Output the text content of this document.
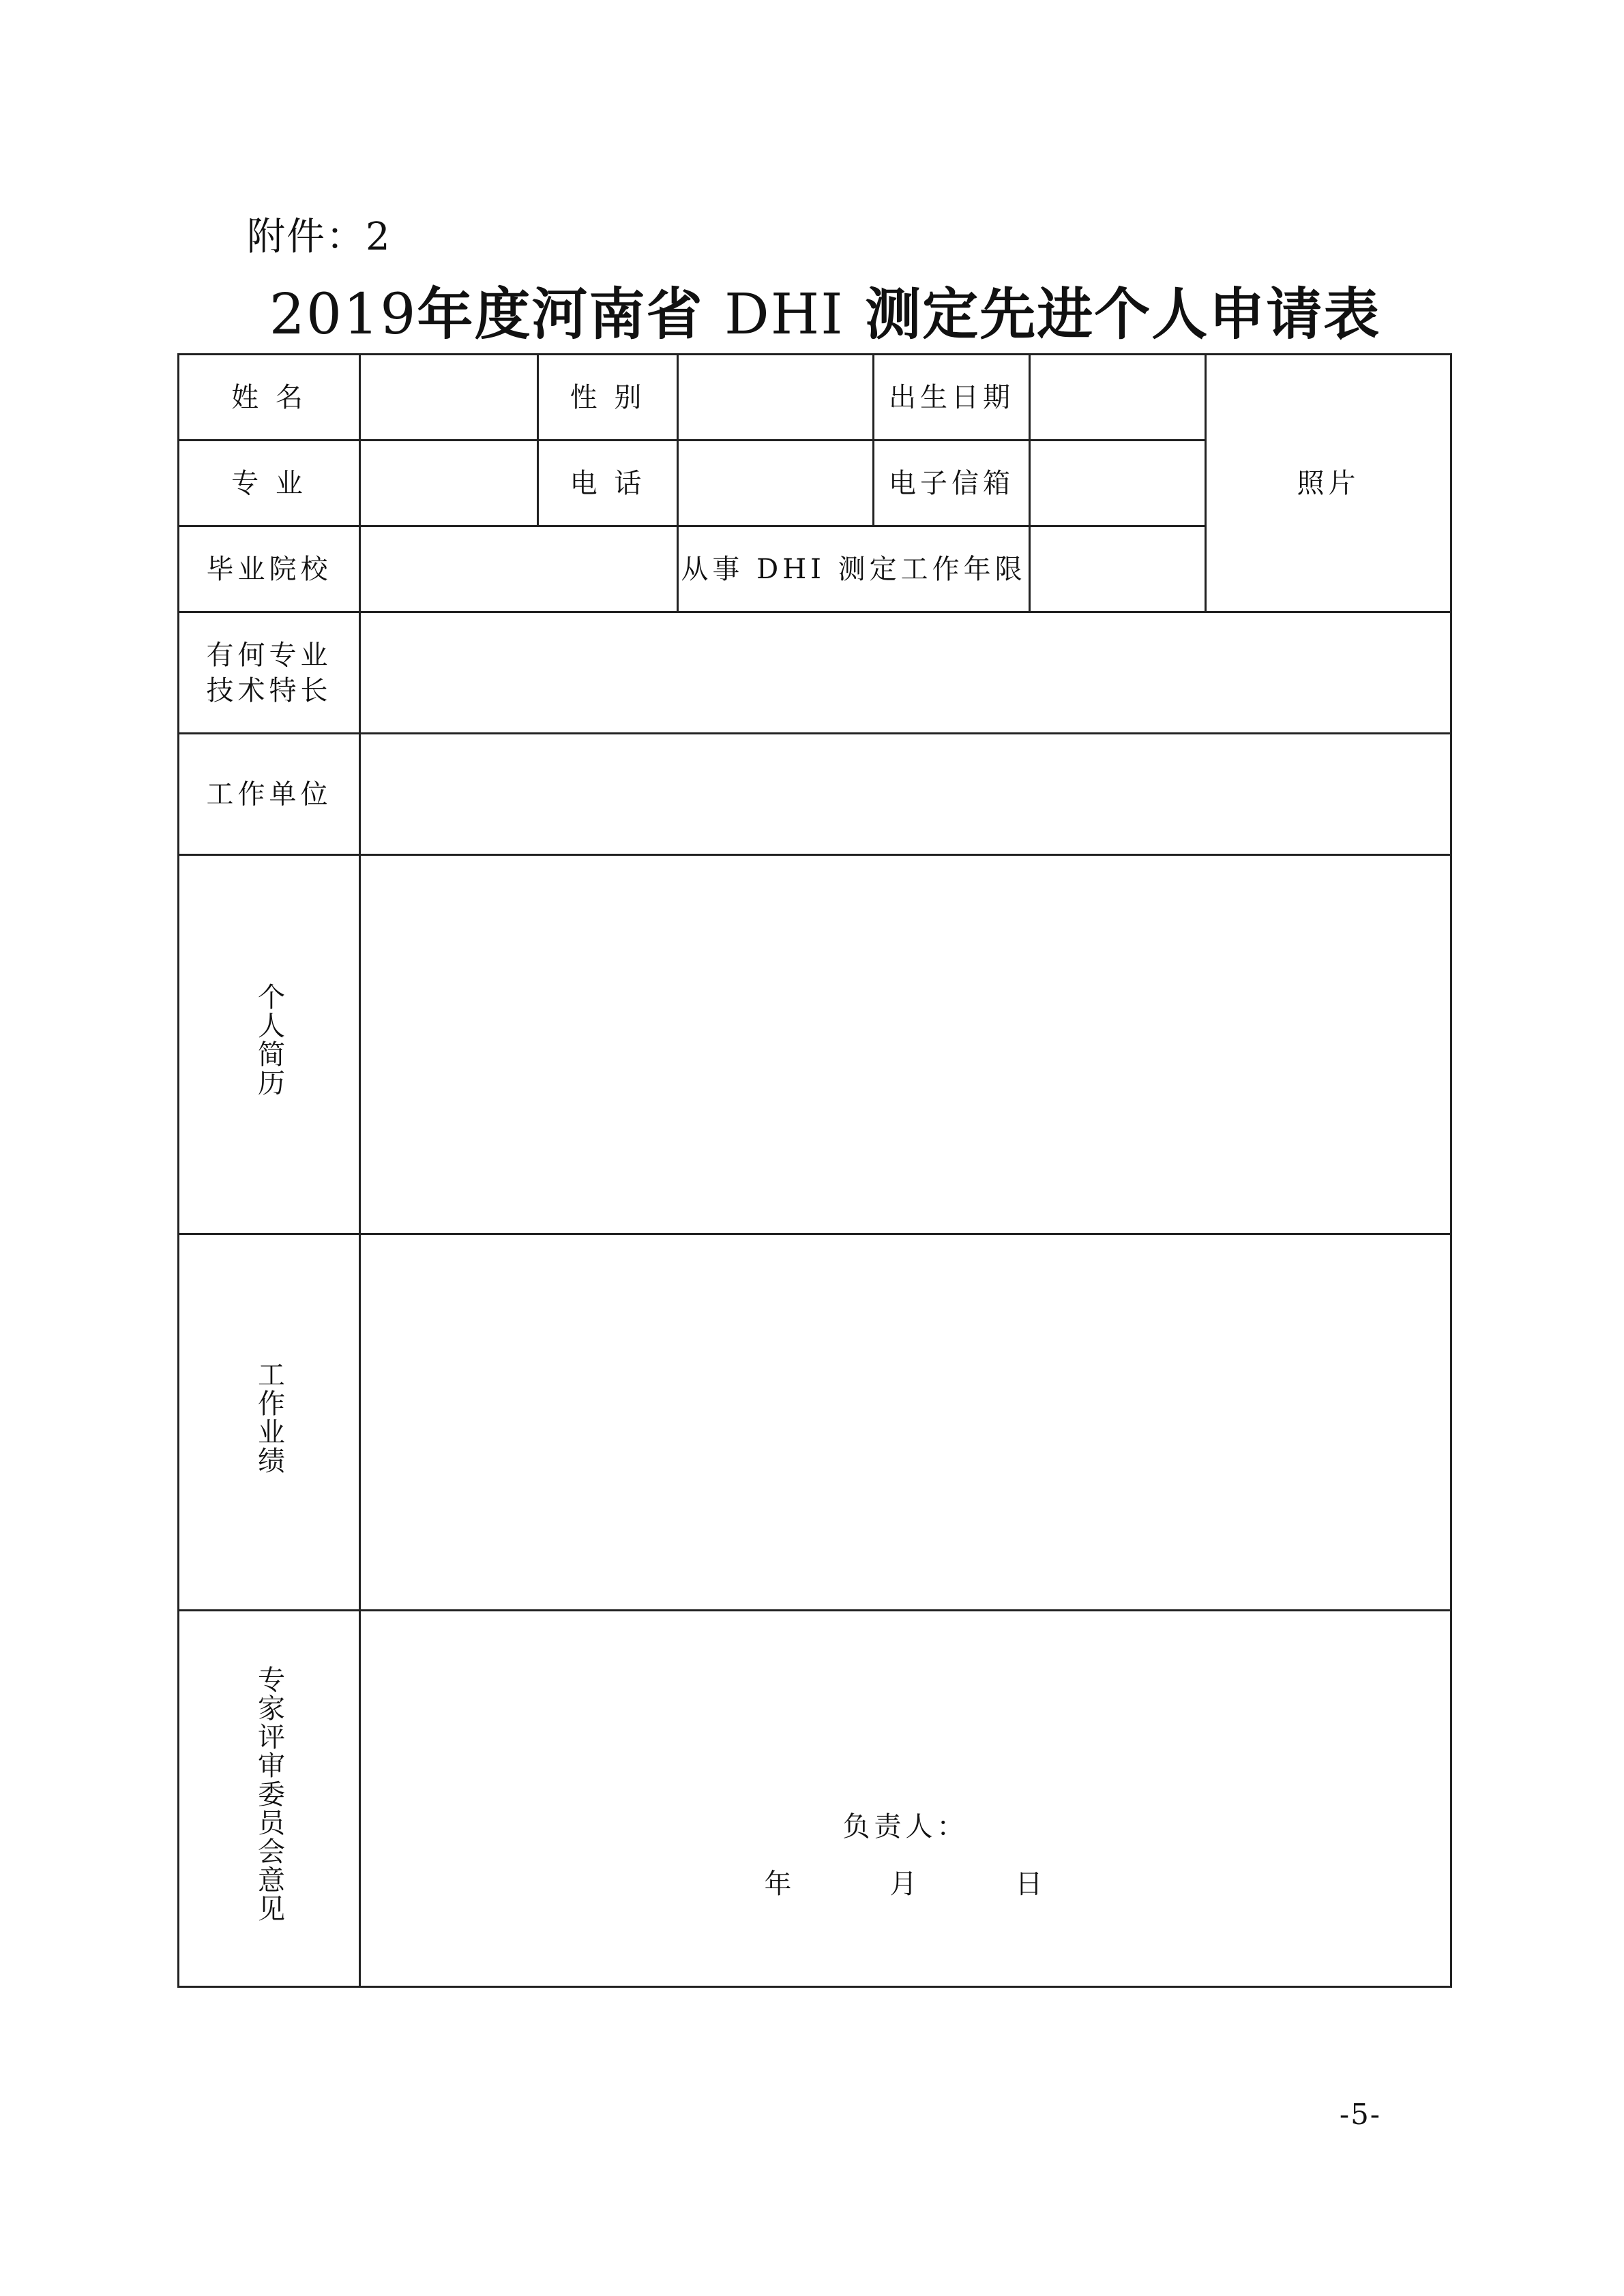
附件：2
2019年度河南省 DHI 测定先进个人申请表
姓 名		性 别		出生日期		照片
专 业		电 话		电子信箱		
毕业院校			从事 DHI 测定工作年限			
有何专业
技术特长						
工作单位						
个人简历						
工作业绩						
专家评审委员会意见	负责人：
年　　　月　　　日					
-5-
